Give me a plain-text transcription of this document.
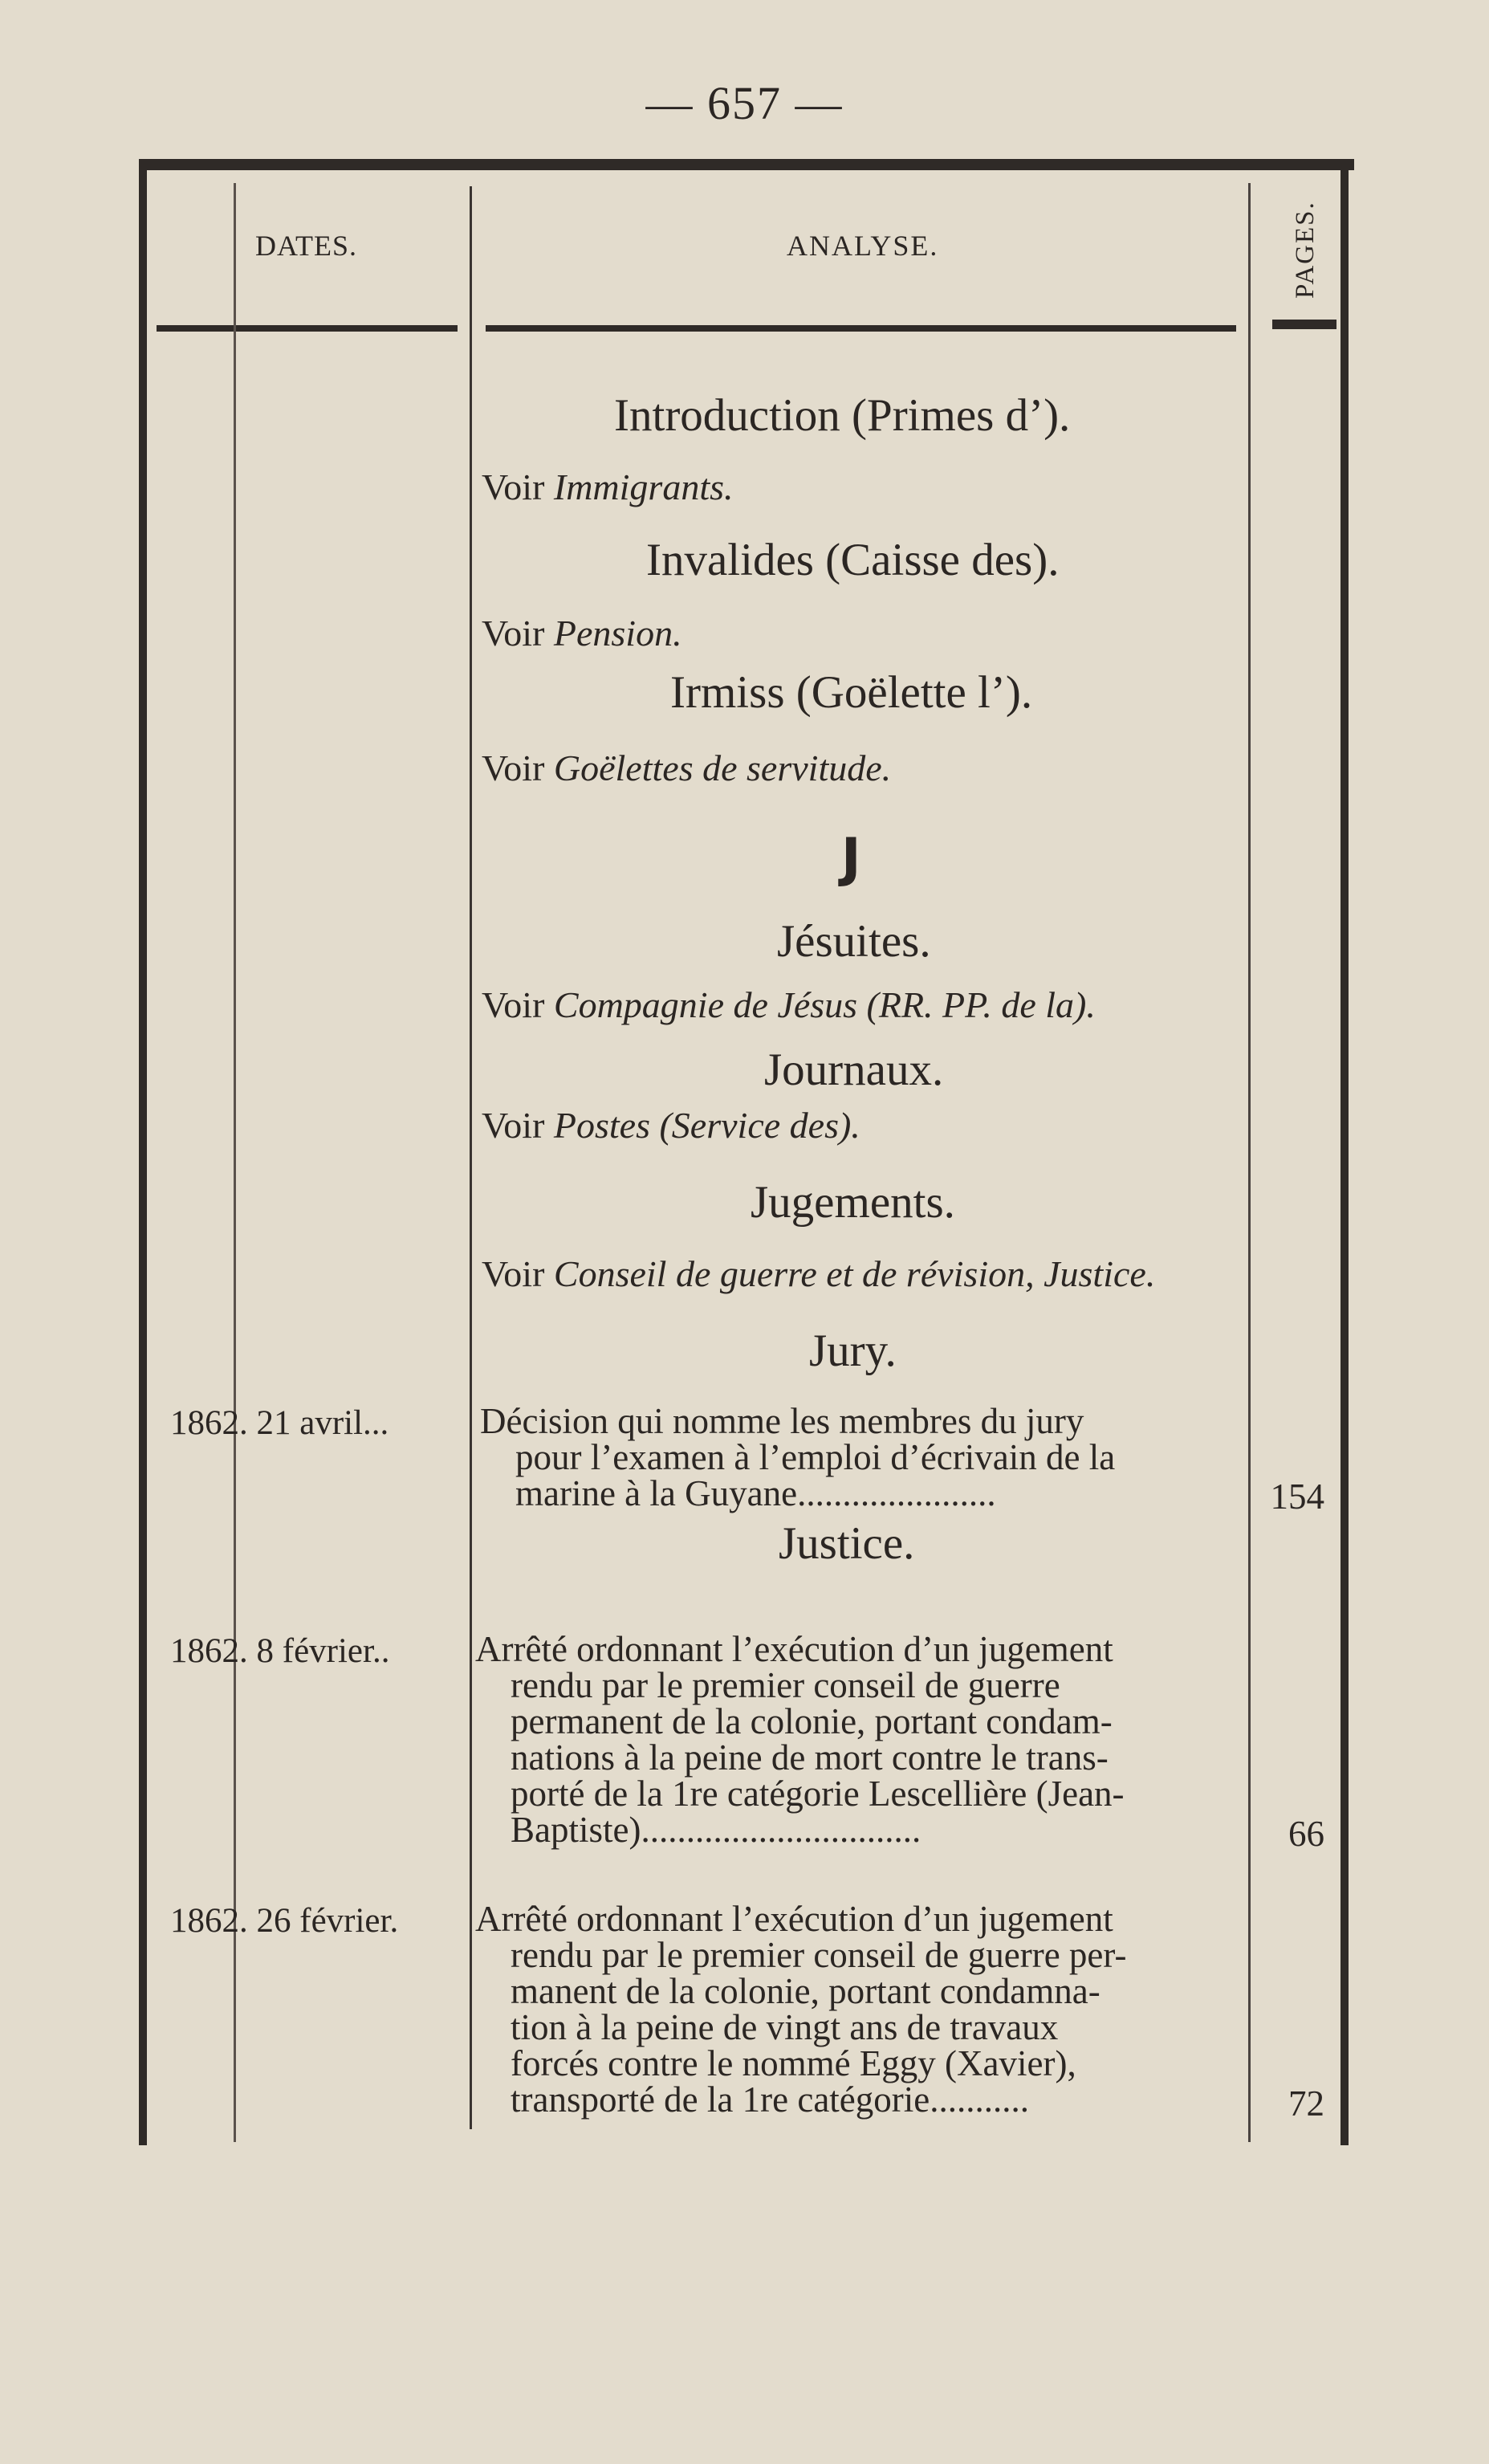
— 657 —
DATES.	ANALYSE.	PAGES.
Introduction (Primes d’).
Voir Immigrants.
Invalides (Caisse des).
Voir Pension.
Irmiss (Goëlette l’).
Voir Goëlettes de servitude.
J
Jésuites.
Voir Compagnie de Jésus (RR. PP. de la).
Journaux.
Voir Postes (Service des).
Jugements.
Voir Conseil de guerre et de révision, Justice.
Jury.
1862. 21 avril...	Décision qui nomme les membres du jury
pour l’examen à l’emploi d’écrivain de la
marine à la Guyane......................	154
Justice.
1862. 8 février.. Arrêté ordonnant l’exécution d’un jugement
rendu par le premier conseil de guerre
permanent de la colonie, portant condam-
nations à la peine de mort contre le trans-
porté de la 1re catégorie Lescellière (Jean-
Baptiste)...............................	66
1862. 26 février. Arrêté ordonnant l’exécution d’un jugement
rendu par le premier conseil de guerre per-
manent de la colonie, portant condamna-
tion à la peine de vingt ans de travaux
forcés contre le nommé Eggy (Xavier),
transporté de la 1re catégorie...........	72
